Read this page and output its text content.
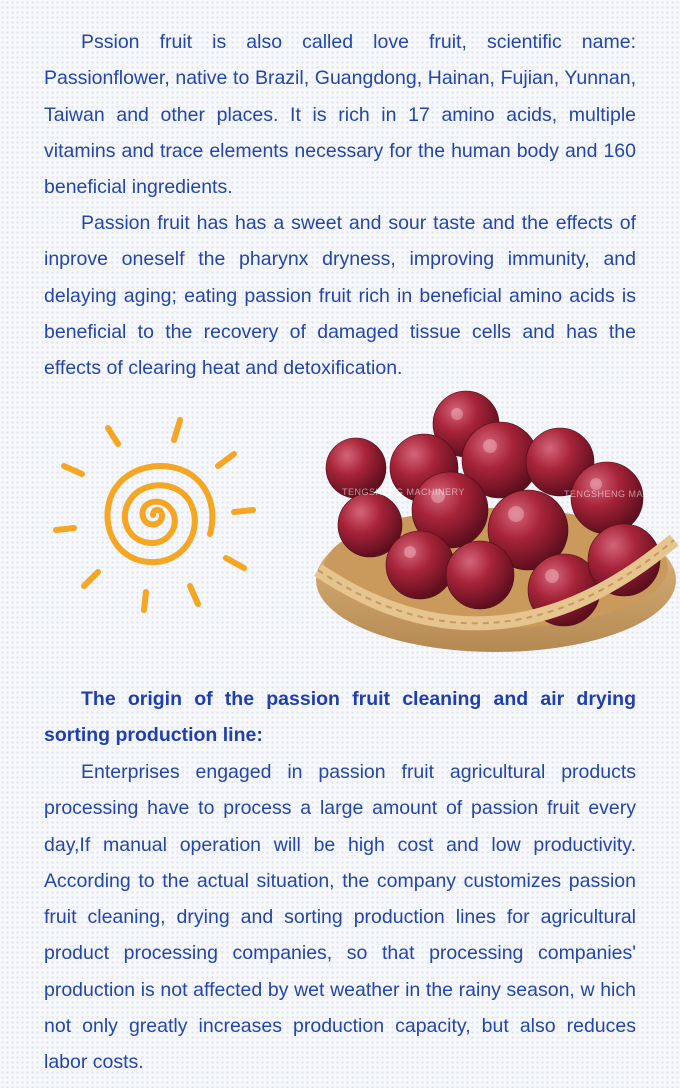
Pssion fruit is also called love fruit, scientific name: Passionflower, native to Brazil, Guangdong, Hainan, Fujian, Yunnan, Taiwan and other places. It is rich in 17 amino acids, multiple vitamins and trace elements necessary for the human body and 160 beneficial ingredients.

Passion fruit has has a sweet and sour taste and the effects of inprove oneself the pharynx dryness, improving immunity, and delaying aging; eating passion fruit rich in beneficial amino acids is beneficial to the recovery of damaged tissue cells and has the effects of clearing heat and detoxification.

TENGSHENG MACHINERY	TENGSHENG MACH

The origin of the passion fruit cleaning and air drying sorting production line:

Enterprises engaged in passion fruit agricultural products processing have to process a large amount of passion fruit every day,If manual operation will be high cost and low productivity. According to the actual situation, the company customizes passion fruit cleaning, drying and sorting production lines for agricultural product processing companies, so that processing companies' production is not affected by wet weather in the rainy season, w hich not only greatly increases production capacity, but also reduces labor costs.
